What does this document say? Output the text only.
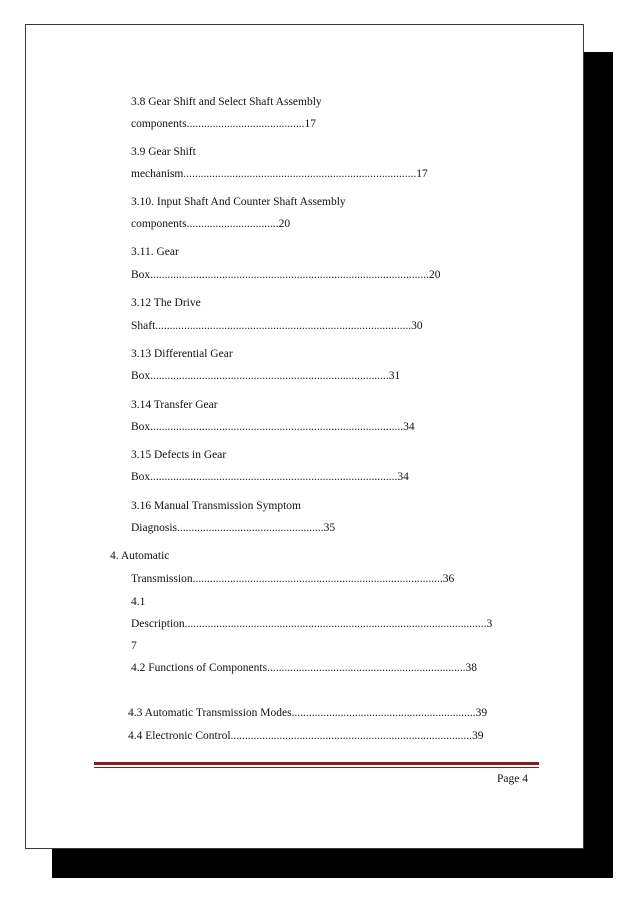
3.8 Gear Shift and Select Shaft Assembly
components.........................................17
3.9 Gear Shift
mechanism.................................................................................17
3.10. Input Shaft And Counter Shaft Assembly
components................................20
3.11. Gear
Box.................................................................................................20
3.12 The Drive
Shaft.........................................................................................30
3.13 Differential Gear
Box...................................................................................31
3.14 Transfer Gear
Box........................................................................................34
3.15 Defects in Gear
Box......................................................................................34
3.16 Manual Transmission Symptom
Diagnosis...................................................35
4. Automatic
Transmission.......................................................................................36
4.1
Description.........................................................................................................3
7
4.2 Functions of Components.....................................................................38
4.3 Automatic Transmission Modes................................................................39
4.4 Electronic Control....................................................................................39
Page 4
